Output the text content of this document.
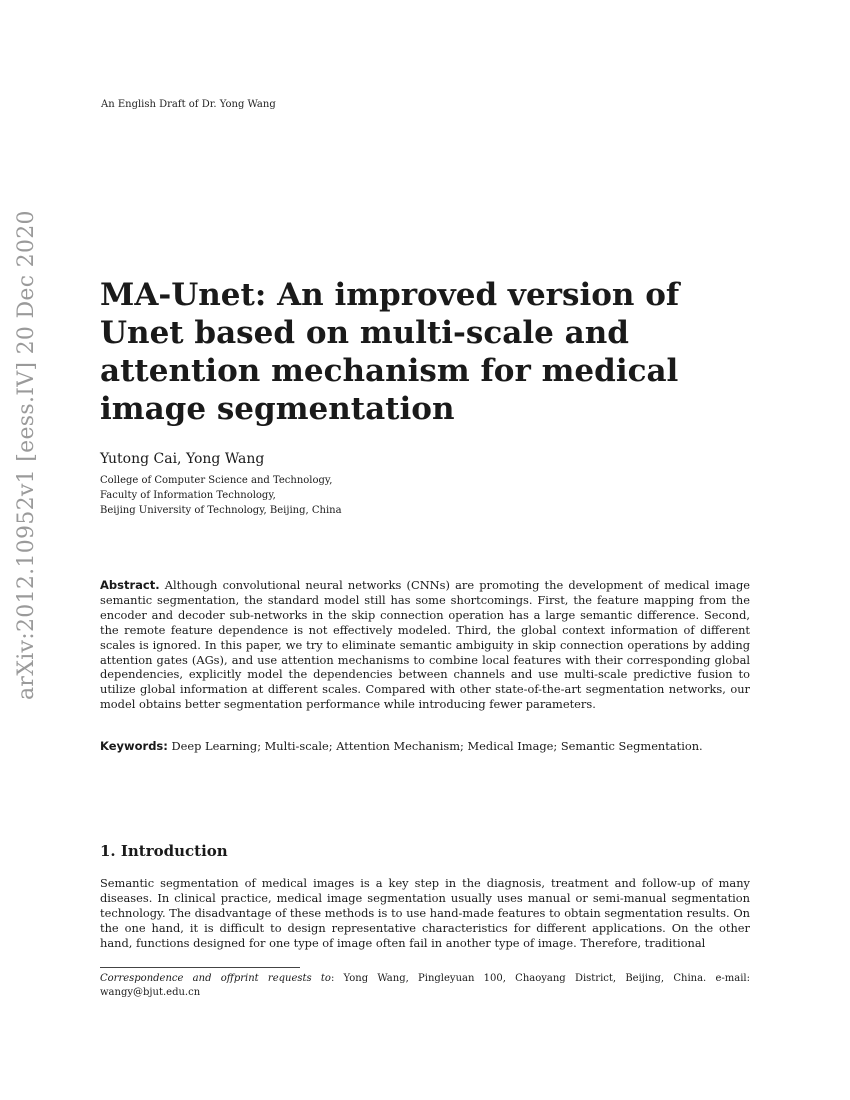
An English Draft of Dr. Yong Wang
arXiv:2012.10952v1 [eess.IV] 20 Dec 2020 MA-Unet: An improved version of
Unet based on multi-scale and
attention mechanism for medical
image segmentation
Yutong Cai, Yong Wang
College of Computer Science and Technology,
Faculty of Information Technology,
Beijing University of Technology, Beijing, China
Abstract. Although convolutional neural networks (CNNs) are promoting the development of medical image semantic segmentation, the standard model still has some shortcomings. First, the feature mapping from the encoder and decoder sub-networks in the skip connection operation has a large semantic difference. Second, the remote feature dependence is not effectively modeled. Third, the global context information of different scales is ignored. In this paper, we try to eliminate semantic ambiguity in skip connection operations by adding attention gates (AGs), and use attention mechanisms to combine local features with their corresponding global dependencies, explicitly model the dependencies between channels and use multi-scale predictive fusion to utilize global information at different scales. Compared with other state-of-the-art segmentation networks, our model obtains better segmentation performance while introducing fewer parameters.
Keywords: Deep Learning; Multi-scale; Attention Mechanism; Medical Image; Semantic Segmentation.
1. Introduction
Semantic segmentation of medical images is a key step in the diagnosis, treatment and follow-up of many diseases. In clinical practice, medical image segmentation usually uses manual or semi-manual segmentation technology. The disadvantage of these methods is to use hand-made features to obtain segmentation results. On the one hand, it is difficult to design representative characteristics for different applications. On the other hand, functions designed for one type of image often fail in another type of image. Therefore, traditional
Correspondence and offprint requests to: Yong Wang, Pingleyuan 100, Chaoyang District, Beijing, China. e-mail: wangy@bjut.edu.cn
